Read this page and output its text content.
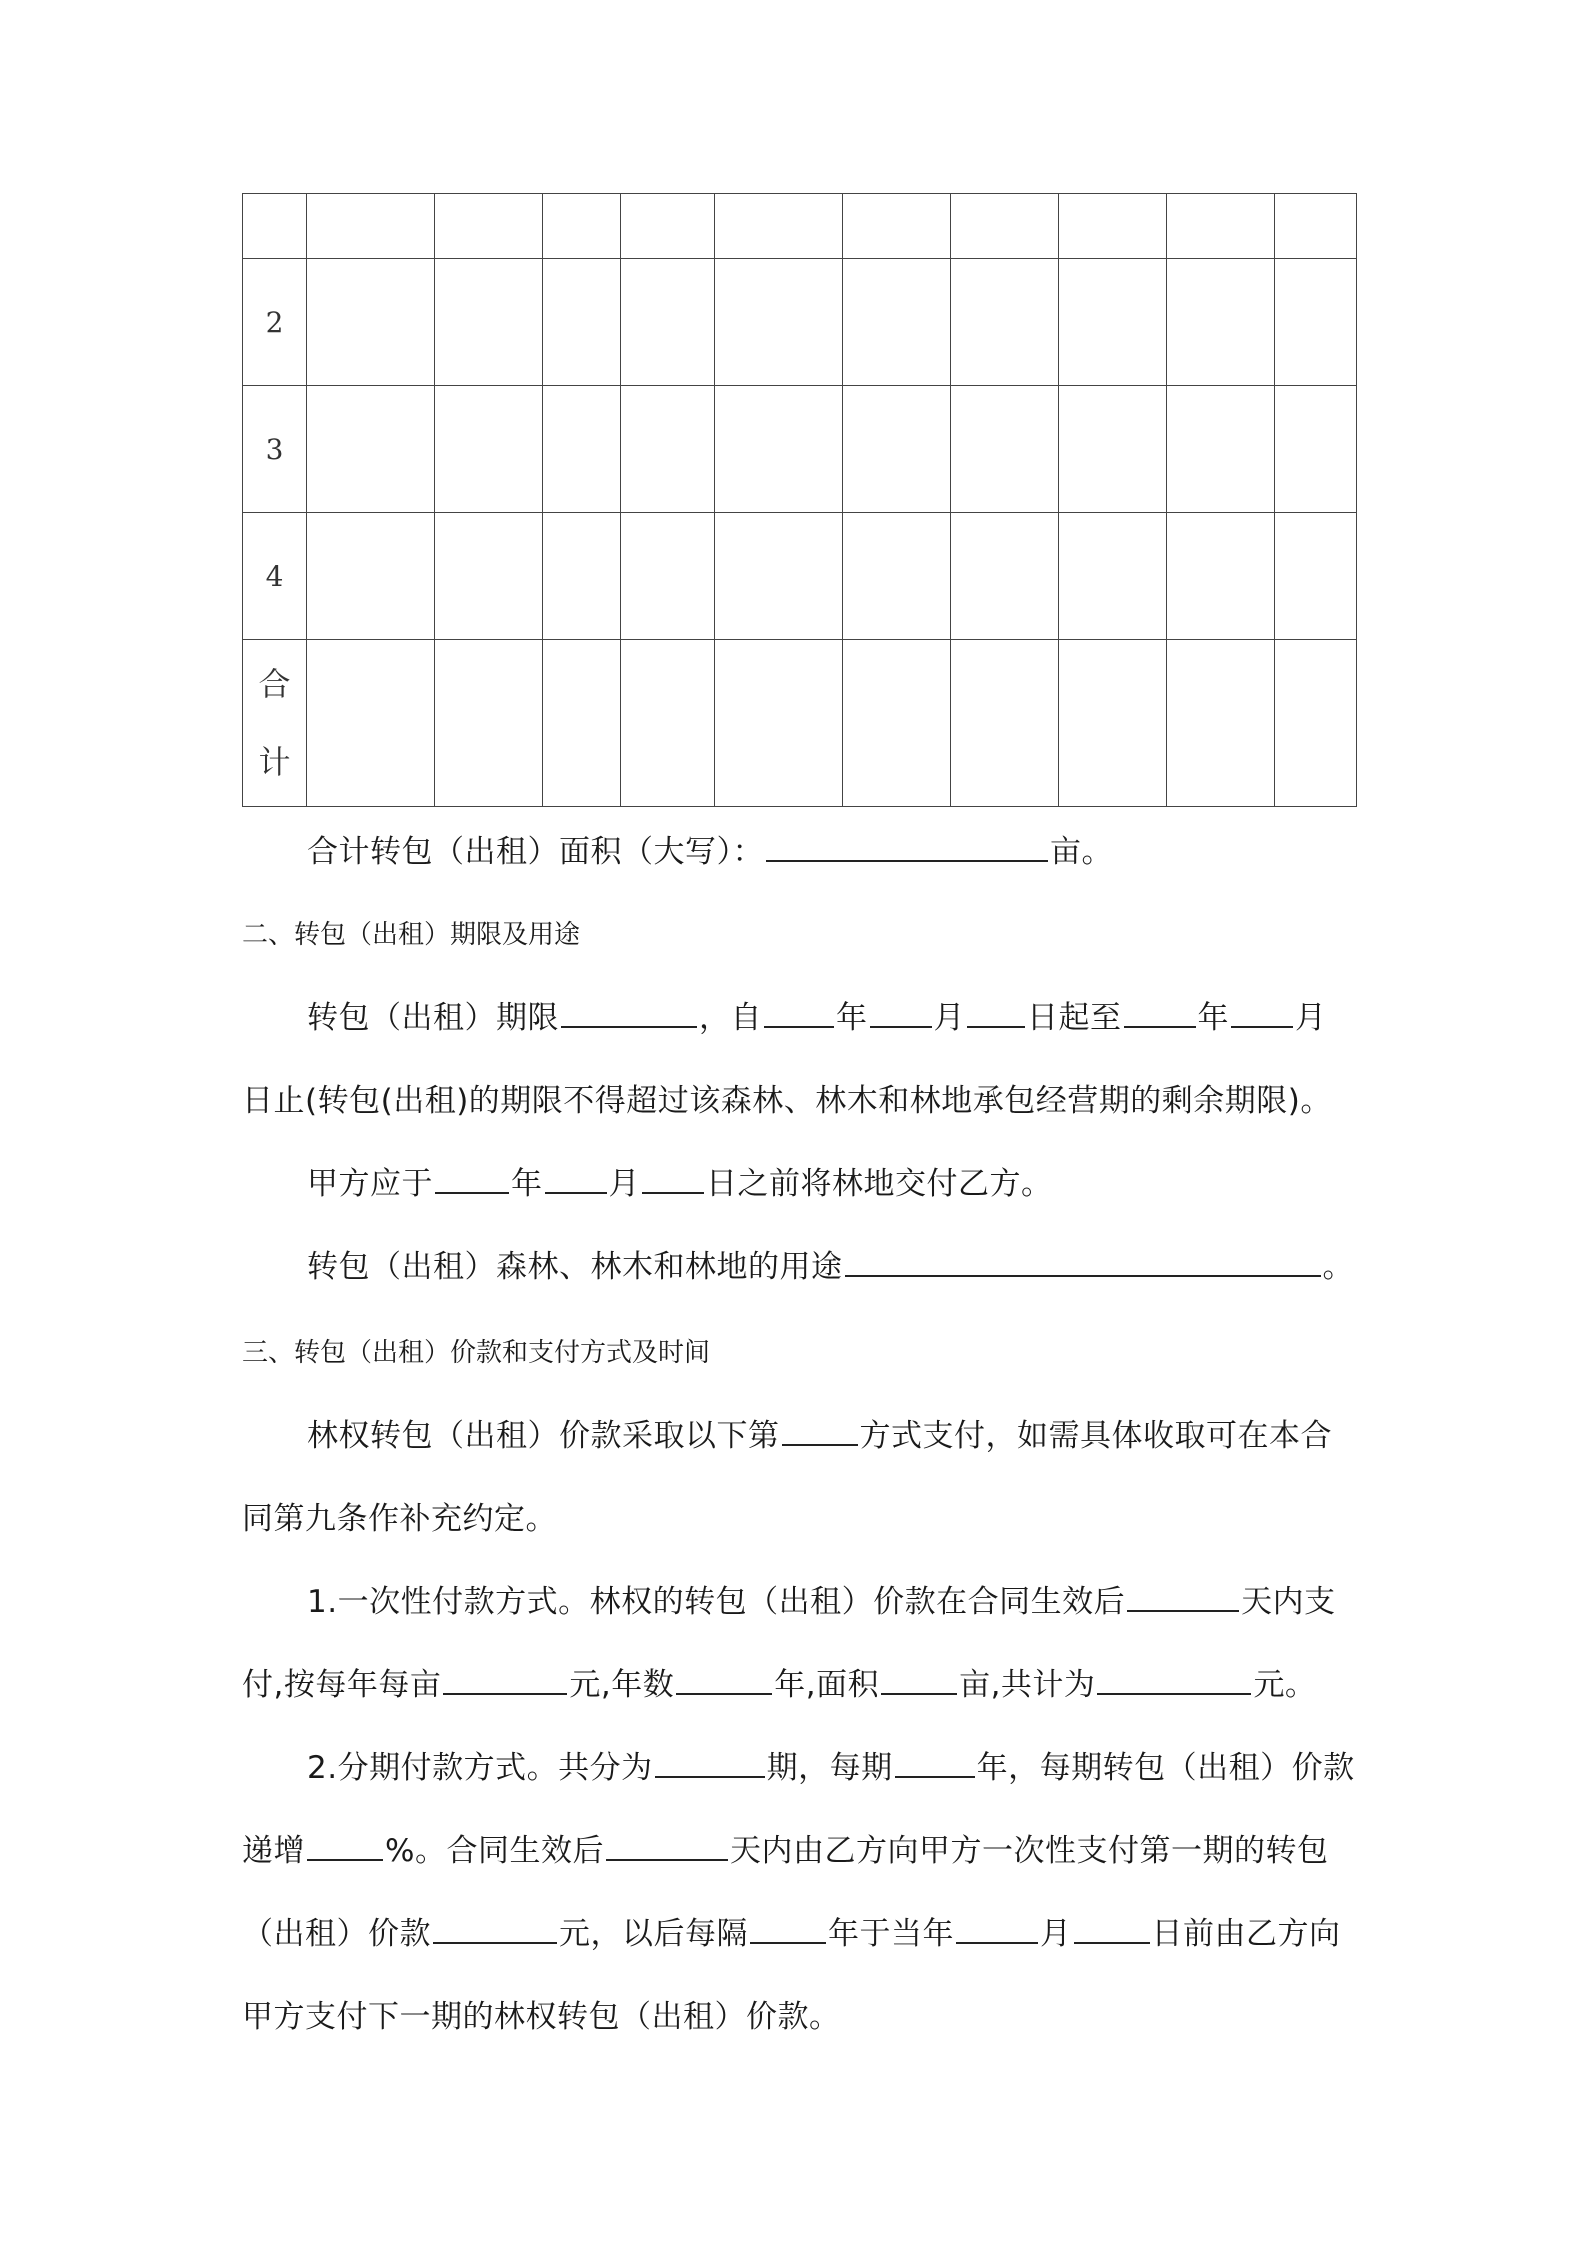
2										
3										
4										
合计										
合计转包（出租）面积（大写）：	亩。
二、转包（出租）期限及用途
转包（出租）期限	，自 年 月 日起至 年 月
日止(转包(出租)的期限不得超过该森林、林木和林地承包经营期的剩余期限)。
甲方应于	年 月 日之前将林地交付乙方。
转包（出租）森林、林木和林地的用途	。
三、转包（出租）价款和支付方式及时间
林权转包（出租）价款采取以下第	方式支付，如需具体收取可在本合
同第九条作补充约定。
1.一次性付款方式。林权的转包（出租）价款在合同生效后	天内支
付,按每年每亩	元,年数	年,面积	亩,共计为	元。
2.分期付款方式。共分为	期，每期	年，每期转包（出租）价款
递增	%。合同生效后	天内由乙方向甲方一次性支付第一期的转包
（出租）价款	元，以后每隔	年于当年	月	日前由乙方向
甲方支付下一期的林权转包（出租）价款。
